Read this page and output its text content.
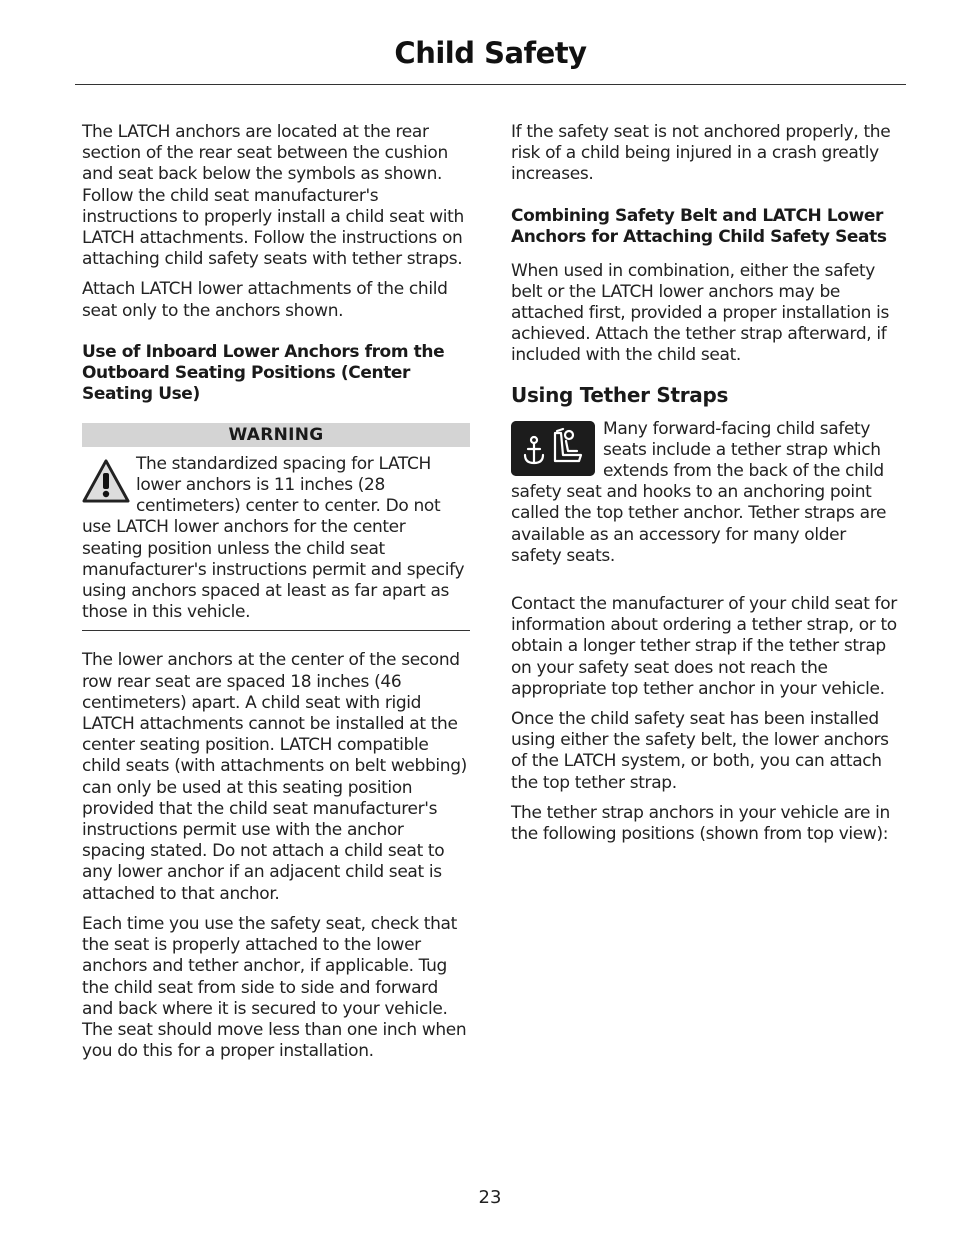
Child Safety

The LATCH anchors are located at the rear section of the rear seat between the cushion and seat back below the symbols as shown. Follow the child seat manufacturer's instructions to properly install a child seat with LATCH attachments. Follow the instructions on attaching child safety seats with tether straps.

Attach LATCH lower attachments of the child seat only to the anchors shown.

Use of Inboard Lower Anchors from the Outboard Seating Positions (Center Seating Use)
WARNING
The standardized spacing for LATCH lower anchors is 11 inches (28 centimeters) center to center. Do not use LATCH lower anchors for the center seating position unless the child seat manufacturer's instructions permit and specify using anchors spaced at least as far apart as those in this vehicle.

The lower anchors at the center of the second row rear seat are spaced 18 inches (46 centimeters) apart. A child seat with rigid LATCH attachments cannot be installed at the center seating position. LATCH compatible child seats (with attachments on belt webbing) can only be used at this seating position provided that the child seat manufacturer's instructions permit use with the anchor spacing stated. Do not attach a child seat to any lower anchor if an adjacent child seat is attached to that anchor.

Each time you use the safety seat, check that the seat is properly attached to the lower anchors and tether anchor, if applicable. Tug the child seat from side to side and forward and back where it is secured to your vehicle. The seat should move less than one inch when you do this for a proper installation.

If the safety seat is not anchored properly, the risk of a child being injured in a crash greatly increases.

Combining Safety Belt and LATCH Lower Anchors for Attaching Child Safety Seats

When used in combination, either the safety belt or the LATCH lower anchors may be attached first, provided a proper installation is achieved. Attach the tether strap afterward, if included with the child seat.

Using Tether Straps

Many forward-facing child safety seats include a tether strap which extends from the back of the child safety seat and hooks to an anchoring point called the top tether anchor. Tether straps are available as an accessory for many older safety seats.

Contact the manufacturer of your child seat for information about ordering a tether strap, or to obtain a longer tether strap if the tether strap on your safety seat does not reach the appropriate top tether anchor in your vehicle.

Once the child safety seat has been installed using either the safety belt, the lower anchors of the LATCH system, or both, you can attach the top tether strap.

The tether strap anchors in your vehicle are in the following positions (shown from top view):

23
